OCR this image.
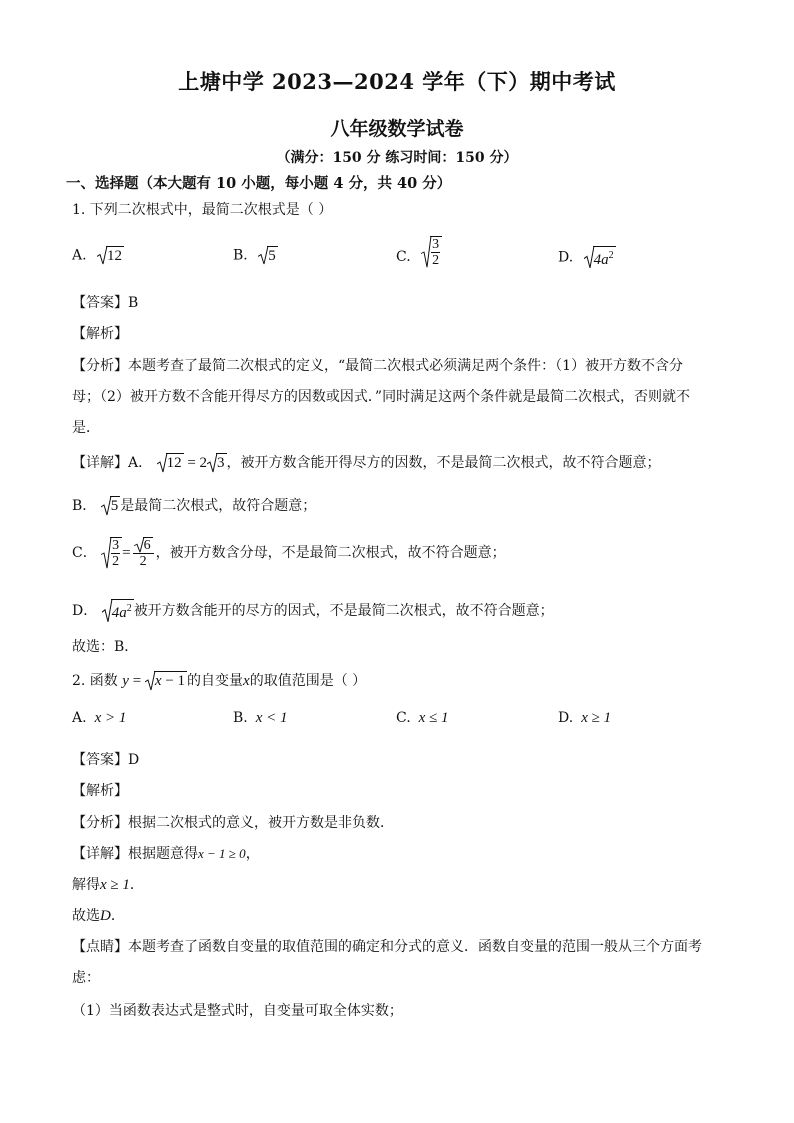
上塘中学 2023—2024 学年（下）期中考试
八年级数学试卷
（满分：150 分 练习时间：150 分）
一、选择题（本大题有 10 小题，每小题 4 分，共 40 分）
1. 下列二次根式中，最简二次根式是（ ）
A. 12	B. 5	C. $\frac{3}{2}$	D. $4a^2$
【答案】B
【解析】
【分析】本题考查了最简二次根式的定义，“最简二次根式必须满足两个条件：（1）被开方数不含分
母；（2）被开方数不含能开得尽方的因数或因式．”同时满足这两个条件就是最简二次根式，否则就不
是．
【详解】A． 12 = 2 3 ，被开方数含能开得尽方的因数，不是最简二次根式，故不符合题意；
B． 5 是最简二次根式，故符合题意；
C． $\frac{3}{2} = \frac{6}{2}$ ，被开方数含分母，不是最简二次根式，故不符合题意；
D． $4a^2$ 被开方数含能开的尽方的因式，不是最简二次根式，故不符合题意；
故选：B．
2. 函数 y =
x − 1 的自变量x的取值范围是（ ）
A. x > 1	B. x < 1	C. x ≤ 1	D. x ≥ 1
【答案】D
【解析】
【分析】根据二次根式的意义，被开方数是非负数．
【详解】根据题意得x − 1 ≥ 0，
解得x ≥ 1．
故选D．
【点睛】本题考查了函数自变量的取值范围的确定和分式的意义．函数自变量的范围一般从三个方面考
虑：
（1）当函数表达式是整式时，自变量可取全体实数；
